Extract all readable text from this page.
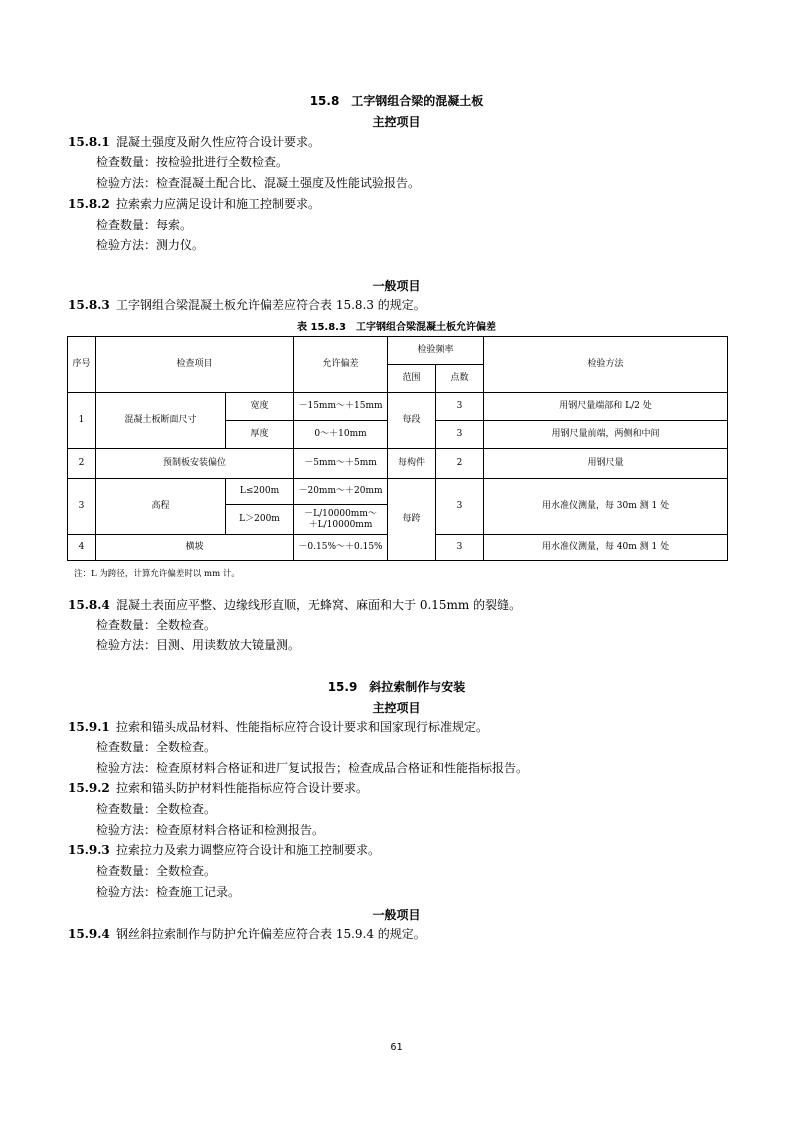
15.8　工字钢组合梁的混凝土板
主控项目
15.8.1 混凝土强度及耐久性应符合设计要求。
检查数量：按检验批进行全数检查。
检验方法：检查混凝土配合比、混凝土强度及性能试验报告。
15.8.2 拉索索力应满足设计和施工控制要求。
检查数量：每索。
检验方法：测力仪。
一般项目
15.8.3 工字钢组合梁混凝土板允许偏差应符合表 15.8.3 的规定。
表 15.8.3　工字钢组合梁混凝土板允许偏差
序号	检查项目		允许偏差	检验频率		检验方法
				范围	点数	
1	混凝土板断面尺寸	宽度	－15mm～＋15mm	每段	3	用钢尺量端部和 L/2 处
		厚度	0～＋10mm		3	用钢尺量前端，两侧和中间
2	预制板安装偏位		－5mm～＋5mm	每构件	2	用钢尺量
3	高程	L≤200m	－20mm～＋20mm	每跨	3	用水准仪测量，每 30m 测 1 处
		L＞200m	－L/10000mm～
＋L/10000mm			
4	横坡		－0.15%～＋0.15%		3	用水准仪测量，每 40m 测 1 处
注：L 为跨径，计算允许偏差时以 mm 计。
15.8.4 混凝土表面应平整、边缘线形直顺，无蜂窝、麻面和大于 0.15mm 的裂缝。
检查数量：全数检查。
检验方法：目测、用读数放大镜量测。
15.9　斜拉索制作与安装
主控项目
15.9.1 拉索和锚头成品材料、性能指标应符合设计要求和国家现行标准规定。
检查数量：全数检查。
检验方法：检查原材料合格证和进厂复试报告；检查成品合格证和性能指标报告。
15.9.2 拉索和锚头防护材料性能指标应符合设计要求。
检查数量：全数检查。
检验方法：检查原材料合格证和检测报告。
15.9.3 拉索拉力及索力调整应符合设计和施工控制要求。
检查数量：全数检查。
检验方法：检查施工记录。
一般项目
15.9.4 钢丝斜拉索制作与防护允许偏差应符合表 15.9.4 的规定。
61
